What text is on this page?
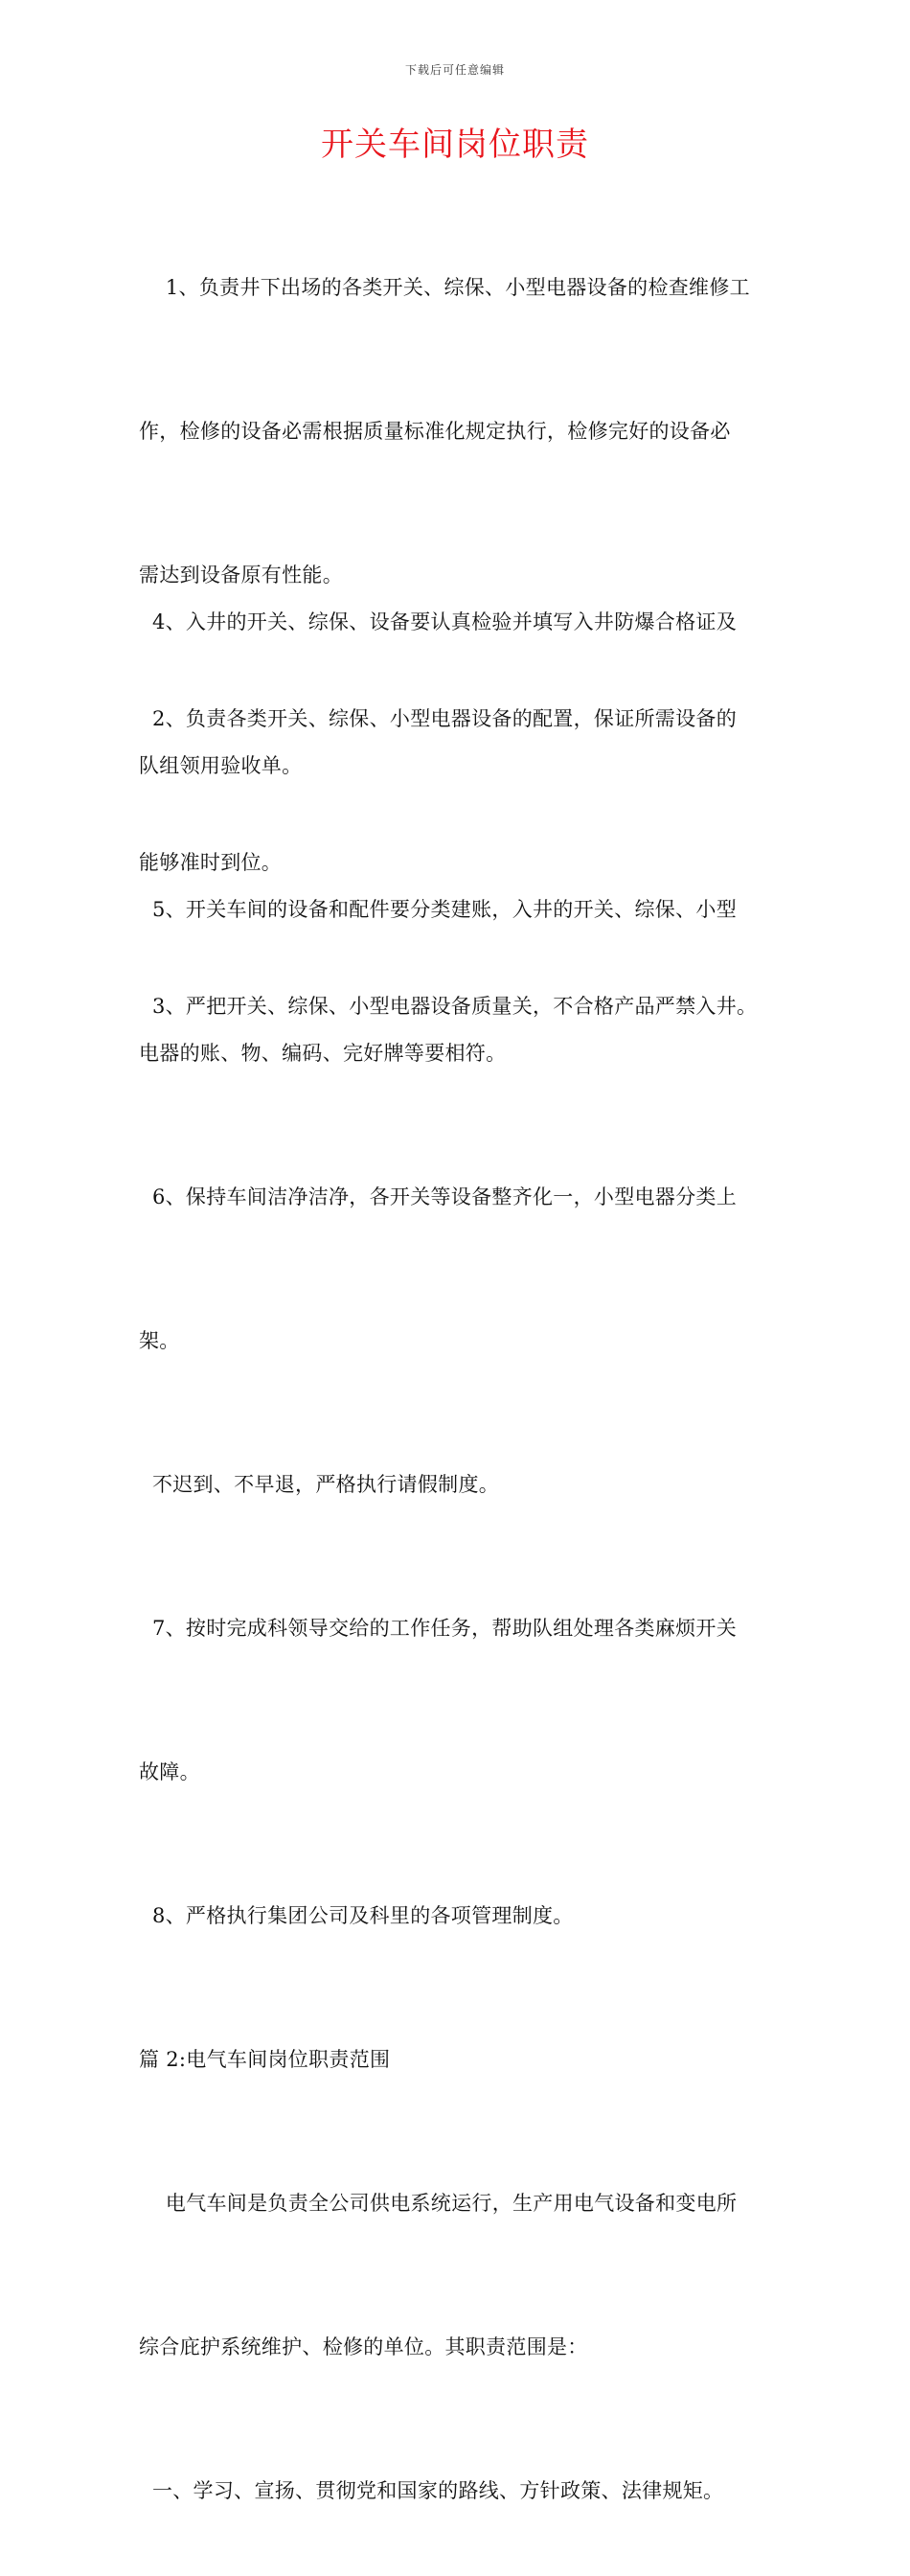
下载后可任意编辑
开关车间岗位职责

1、负责井下出场的各类开关、综保、小型电器设备的检查维修工

作，检修的设备必需根据质量标准化规定执行，检修完好的设备必

需达到设备原有性能。

2、负责各类开关、综保、小型电器设备的配置，保证所需设备的

能够准时到位。

3、严把开关、综保、小型电器设备质量关，不合格产品严禁入井。

4、入井的开关、综保、设备要认真检验并填写入井防爆合格证及

队组领用验收单。

5、开关车间的设备和配件要分类建账，入井的开关、综保、小型

电器的账、物、编码、完好牌等要相符。

6、保持车间洁净洁净，各开关等设备整齐化一，小型电器分类上

架。

不迟到、不早退，严格执行请假制度。

7、按时完成科领导交给的工作任务，帮助队组处理各类麻烦开关

故障。

8、严格执行集团公司及科里的各项管理制度。

篇 2:电气车间岗位职责范围

电气车间是负责全公司供电系统运行，生产用电气设备和变电所

综合庇护系统维护、检修的单位。其职责范围是：

一、学习、宣扬、贯彻党和国家的路线、方针政策、法律规矩。
